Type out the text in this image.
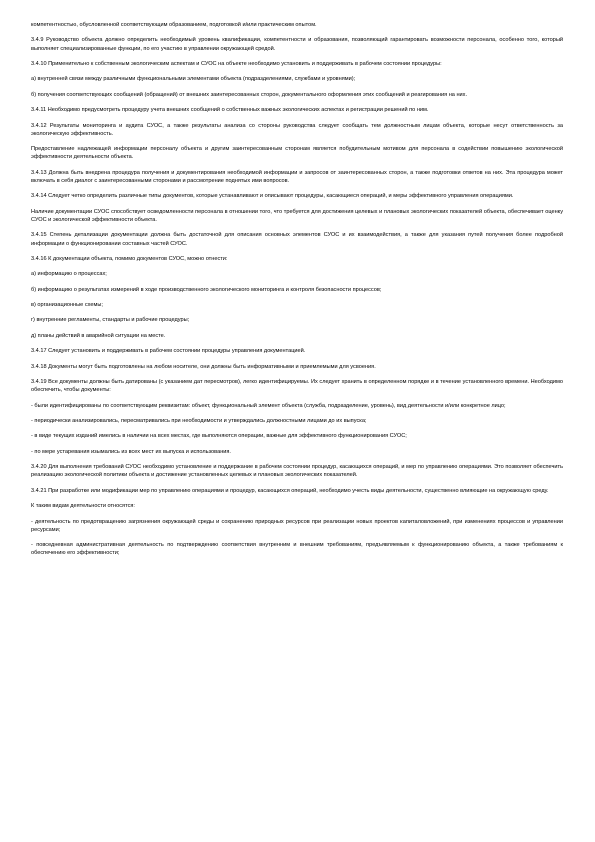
компетентностью, обусловленной соответствующим образованием, подготовкой и/или практическим опытом.

3.4.9 Руководство объекта должно определить необходимый уровень квалификации, компетентности и образования, позволяющий гарантировать возможности персонала, особенно того, который выполняет специализированные функции, по его участию в управлении окружающей средой.

3.4.10 Применительно к собственным экологическим аспектам и СУОС на объекте необходимо установить и поддерживать в рабочем состоянии процедуры:

а) внутренней связи между различными функциональными элементами объекта (подразделениями, службами и уровнями);

б) получения соответствующих сообщений (обращений) от внешних заинтересованных сторон, документального оформления этих сообщений и реагирования на них.

3.4.11 Необходимо предусмотреть процедуру учета внешних сообщений о собственных важных экологических аспектах и регистрации решений по ним.

3.4.12 Результаты мониторинга и аудита СУОС, а также результаты анализа со стороны руководства следует сообщать тем должностным лицам объекта, которые несут ответственность за экологическую эффективность.

Предоставление надлежащей информации персоналу объекта и другим заинтересованным сторонам является побудительным мотивом для персонала в содействии повышению экологической эффективности деятельности объекта.

3.4.13 Должна быть внедрена процедура получения и документирования необходимой информации и запросов от заинтересованных сторон, а также подготовки ответов на них. Эта процедура может включать в себя диалог с заинтересованными сторонами и рассмотрение поднятых ими вопросов.

3.4.14 Следует четко определить различные типы документов, которые устанавливают и описывают процедуры, касающиеся операций, и меры эффективного управления операциями.

Наличие документации СУОС способствует осведомленности персонала в отношении того, что требуется для достижения целевых и плановых экологических показателей объекта, обеспечивает оценку СУОС и экологической эффективности объекта.

3.4.15 Степень детализации документации должна быть достаточной для описания основных элементов СУОС и их взаимодействия, а также для указания путей получения более подробной информации о функционировании составных частей СУОС.

3.4.16 К документации объекта, помимо документов СУОС, можно отнести:

а) информацию о процессах;

б) информацию о результатах измерений в ходе производственного экологического мониторинга и контроля безопасности процессов;

в) организационные схемы;

г) внутренние регламенты, стандарты и рабочие процедуры;

д) планы действий в аварийной ситуации на месте.

3.4.17 Следует установить и поддерживать в рабочем состоянии процедуры управления документацией.

3.4.18 Документы могут быть подготовлены на любом носителе, они должны быть информативными и приемлемыми для усвоения.

3.4.19 Все документы должны быть датированы (с указанием дат пересмотров), легко идентифицируемы. Их следует хранить в определенном порядке и в течение установленного времени. Необходимо обеспечить, чтобы документы:

- были идентифицированы по соответствующим реквизитам: объект, функциональный элемент объекта (служба, подразделение, уровень), вид деятельности и/или конкретное лицо;

- периодически анализировались, пересматривались при необходимости и утверждались должностными лицами до их выпуска;

- в виде текущих изданий имелись в наличии на всех местах, где выполняются операции, важные для эффективного функционирования СУОС;

- по мере устаревания изымались из всех мест их выпуска и использования.

3.4.20 Для выполнения требований СУОС необходимо установление и поддержание в рабочем состоянии процедур, касающихся операций, и мер по управлению операциями. Это позволяет обеспечить реализацию экологической политики объекта и достижение установленных целевых и плановых экологических показателей.

3.4.21 При разработке или модификации мер по управлению операциями и процедур, касающихся операций, необходимо учесть виды деятельности, существенно влияющие на окружающую среду.

К таким видам деятельности относятся:

- деятельность по предотвращению загрязнения окружающей среды и сохранению природных ресурсов при реализации новых проектов капиталовложений, при изменениях процессов и управлении ресурсами;

- повседневная административная деятельность по подтверждению соответствия внутренним и внешним требованиям, предъявляемым к функционированию объекта, а также требованиям к обеспечению его эффективности;
